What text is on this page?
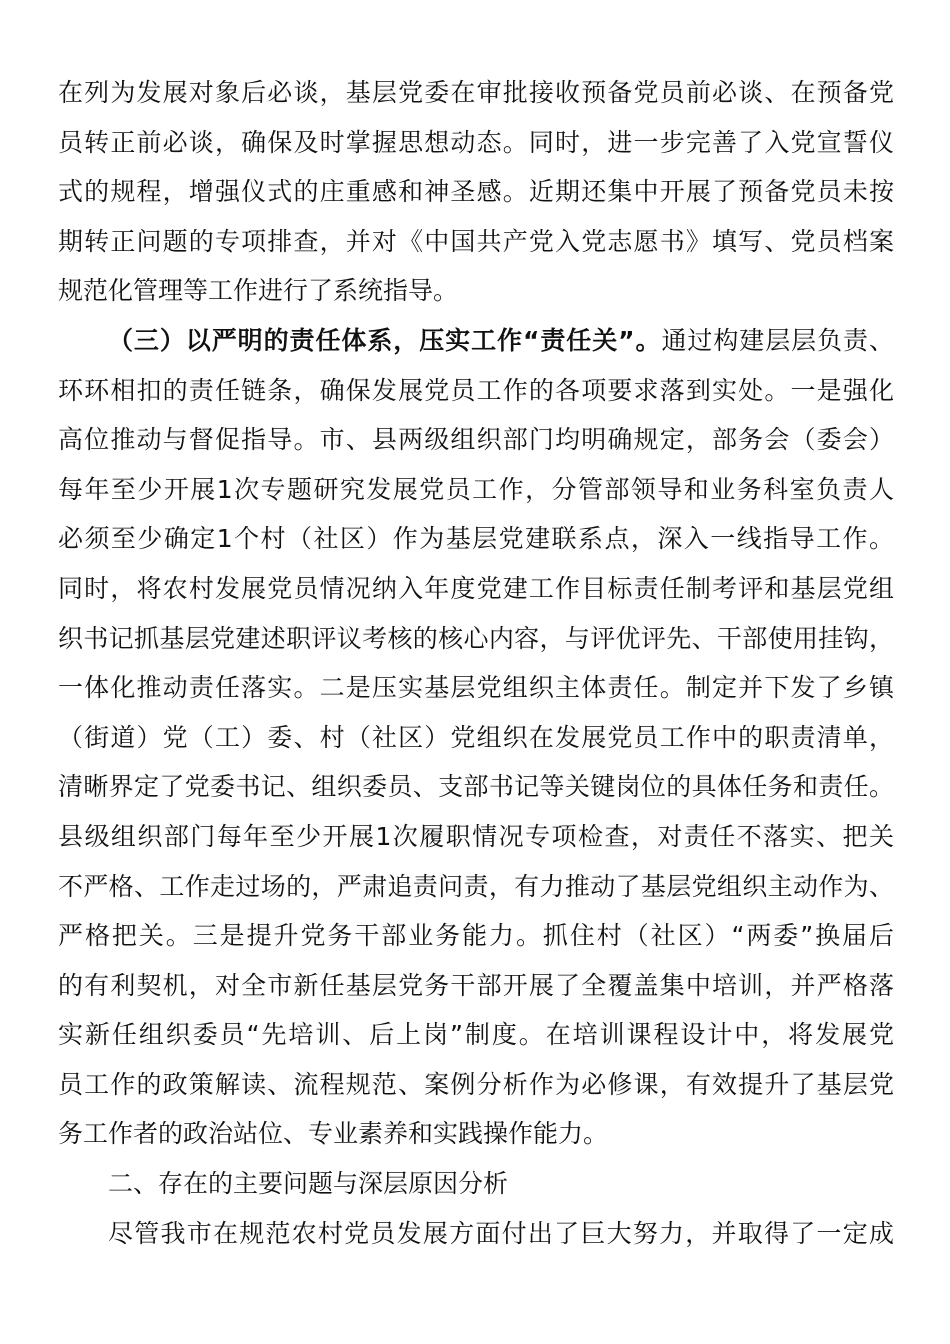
在列为发展对象后必谈，基层党委在审批接收预备党员前必谈、在预备党
员转正前必谈，确保及时掌握思想动态。同时，进一步完善了入党宣誓仪
式的规程，增强仪式的庄重感和神圣感。近期还集中开展了预备党员未按
期转正问题的专项排查，并对《中国共产党入党志愿书》填写、党员档案
规范化管理等工作进行了系统指导。
（三）以严明的责任体系，压实工作“责任关”。通过构建层层负责、
环环相扣的责任链条，确保发展党员工作的各项要求落到实处。一是强化
高位推动与督促指导。市、县两级组织部门均明确规定，部务会（委会）
每年至少开展1次专题研究发展党员工作，分管部领导和业务科室负责人
必须至少确定1个村（社区）作为基层党建联系点，深入一线指导工作。
同时，将农村发展党员情况纳入年度党建工作目标责任制考评和基层党组
织书记抓基层党建述职评议考核的核心内容，与评优评先、干部使用挂钩，
一体化推动责任落实。二是压实基层党组织主体责任。制定并下发了乡镇
（街道）党（工）委、村（社区）党组织在发展党员工作中的职责清单，
清晰界定了党委书记、组织委员、支部书记等关键岗位的具体任务和责任。
县级组织部门每年至少开展1次履职情况专项检查，对责任不落实、把关
不严格、工作走过场的，严肃追责问责，有力推动了基层党组织主动作为、
严格把关。三是提升党务干部业务能力。抓住村（社区）“两委”换届后
的有利契机，对全市新任基层党务干部开展了全覆盖集中培训，并严格落
实新任组织委员“先培训、后上岗”制度。在培训课程设计中，将发展党
员工作的政策解读、流程规范、案例分析作为必修课，有效提升了基层党
务工作者的政治站位、专业素养和实践操作能力。
二、存在的主要问题与深层原因分析
尽管我市在规范农村党员发展方面付出了巨大努力，并取得了一定成
